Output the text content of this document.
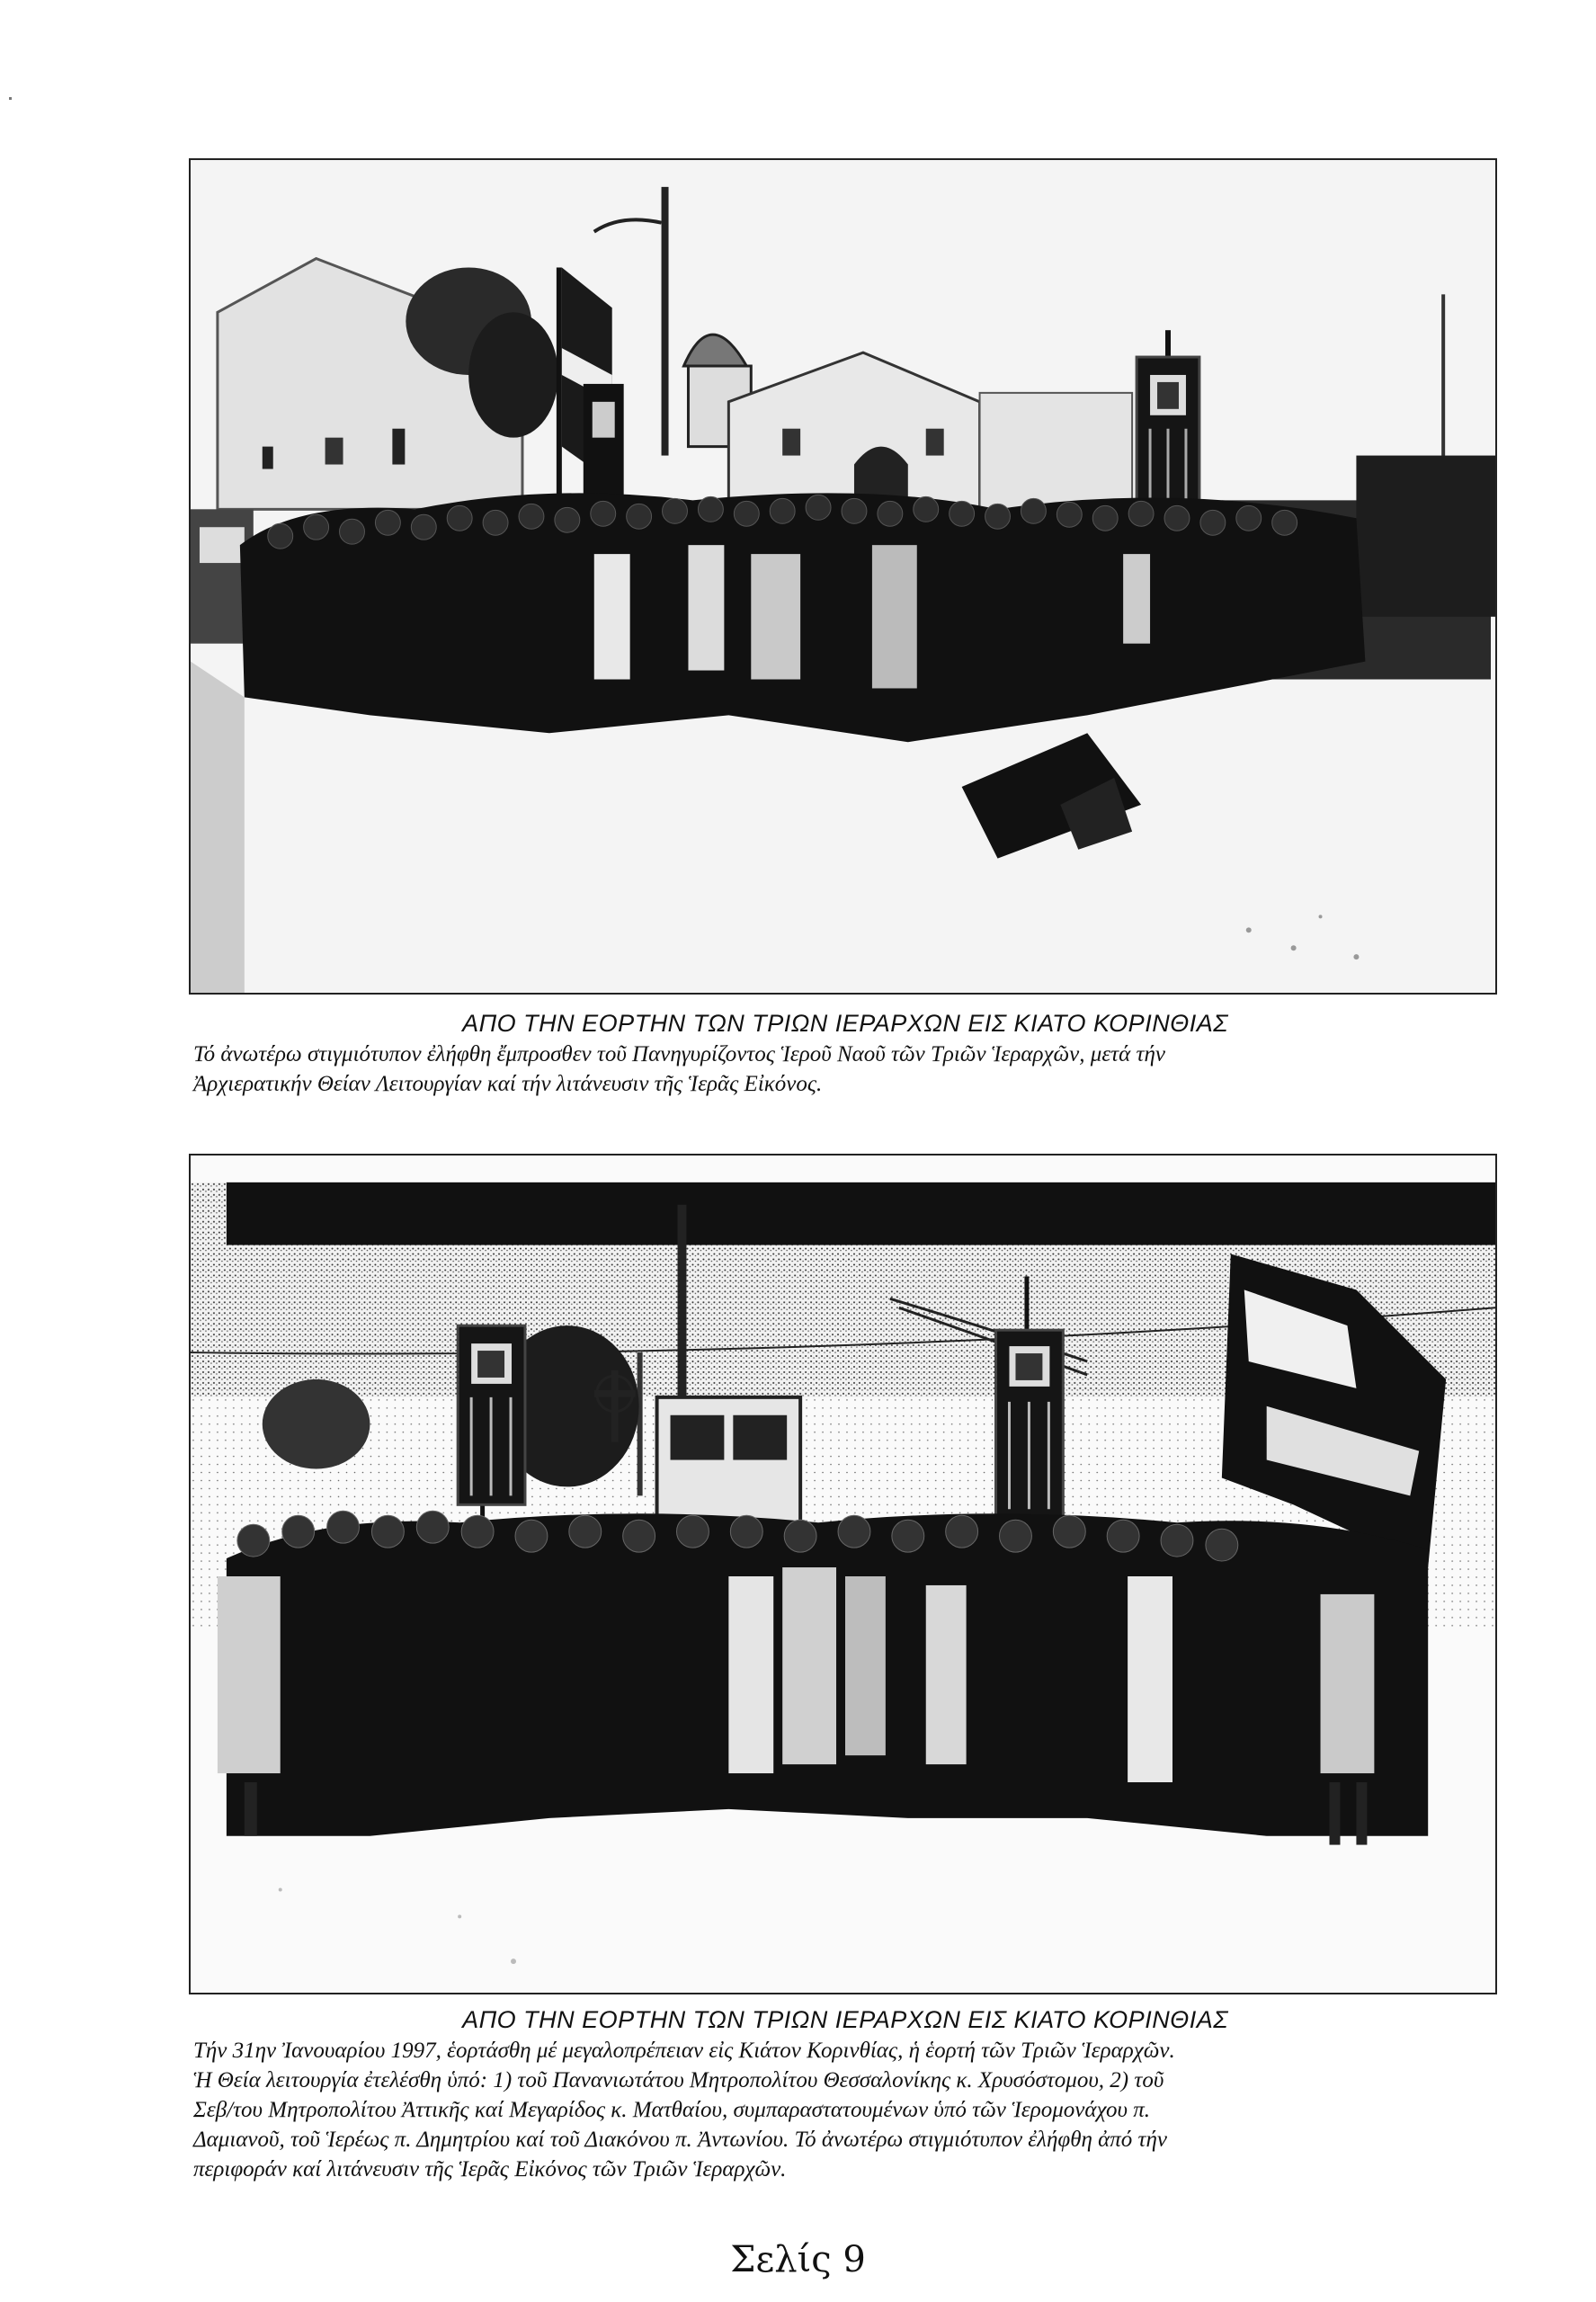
ΑΠΟ ΤΗΝ ΕΟΡΤΗΝ ΤΩΝ ΤΡΙΩΝ ΙΕΡΑΡΧΩΝ ΕΙΣ ΚΙΑΤΟ ΚΟΡΙΝΘΙΑΣ

Τό ἀνωτέρω στιγμιότυπον ἐλήφθη ἔμπροσθεν τοῦ Πανηγυρίζοντος Ἱεροῦ Ναοῦ τῶν Τριῶν Ἱεραρχῶν, μετά τήν
Ἀρχιερατικήν Θείαν Λειτουργίαν καί τήν λιτάνευσιν τῆς Ἱερᾶς Εἰκόνος.

ΑΠΟ ΤΗΝ ΕΟΡΤΗΝ ΤΩΝ ΤΡΙΩΝ ΙΕΡΑΡΧΩΝ ΕΙΣ ΚΙΑΤΟ ΚΟΡΙΝΘΙΑΣ

Τήν 31ην Ἰανουαρίου 1997, ἑορτάσθη μέ μεγαλοπρέπειαν εἰς Κιάτον Κορινθίας, ἡ ἑορτή τῶν Τριῶν Ἱεραρχῶν.
Ἡ Θεία λειτουργία ἐτελέσθη ὑπό: 1) τοῦ Πανανιωτάτου Μητροπολίτου Θεσσαλονίκης κ. Χρυσόστομου, 2) τοῦ
Σεβ/του Μητροπολίτου Ἀττικῆς καί Μεγαρίδος κ. Ματθαίου, συμπαραστατουμένων ὑπό τῶν Ἱερομονάχου π.
Δαμιανοῦ, τοῦ Ἱερέως π. Δημητρίου καί τοῦ Διακόνου π. Ἀντωνίου. Τό ἀνωτέρω στιγμιότυπον ἐλήφθη ἀπό τήν
περιφοράν καί λιτάνευσιν τῆς Ἱερᾶς Εἰκόνος τῶν Τριῶν Ἱεραρχῶν.

Σελίς 9
